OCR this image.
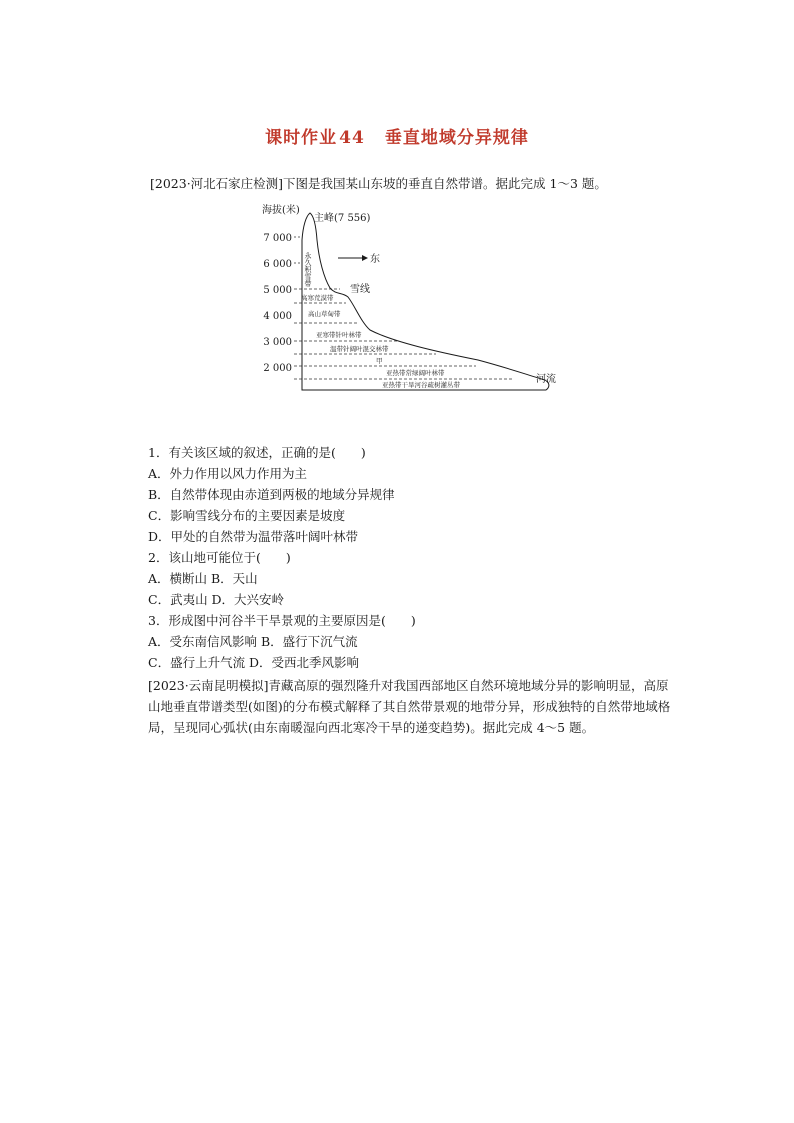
课时作业 44 垂直地域分异规律
[2023·河北石家庄检测]下图是我国某山东坡的垂直自然带谱。据此完成 1～3 题。
海拔(米)
7 000
6 000
5 000
4 000
3 000
2 000
主峰(7 556)
永久积雪带	东
雪线
高寒荒漠带
高山草甸带
亚寒带针叶林带
温带针阔叶混交林带
甲
亚热带常绿阔叶林带
亚热带干旱河谷疏树灌丛带	河流
1．有关该区域的叙述，正确的是(　　)
A．外力作用以风力作用为主
B．自然带体现由赤道到两极的地域分异规律
C．影响雪线分布的主要因素是坡度
D．甲处的自然带为温带落叶阔叶林带
2．该山地可能位于(　　)
A．横断山 B．天山
C．武夷山 D．大兴安岭
3．形成图中河谷半干旱景观的主要原因是(　　)
A．受东南信风影响 B．盛行下沉气流
C．盛行上升气流 D．受西北季风影响
[2023·云南昆明模拟]青藏高原的强烈隆升对我国西部地区自然环境地域分异的影响明显，高原山地垂直带谱类型(如图)的分布模式解释了其自然带景观的地带分异，形成独特的自然带地域格局，呈现同心弧状(由东南暖湿向西北寒冷干旱的递变趋势)。据此完成 4～5 题。
